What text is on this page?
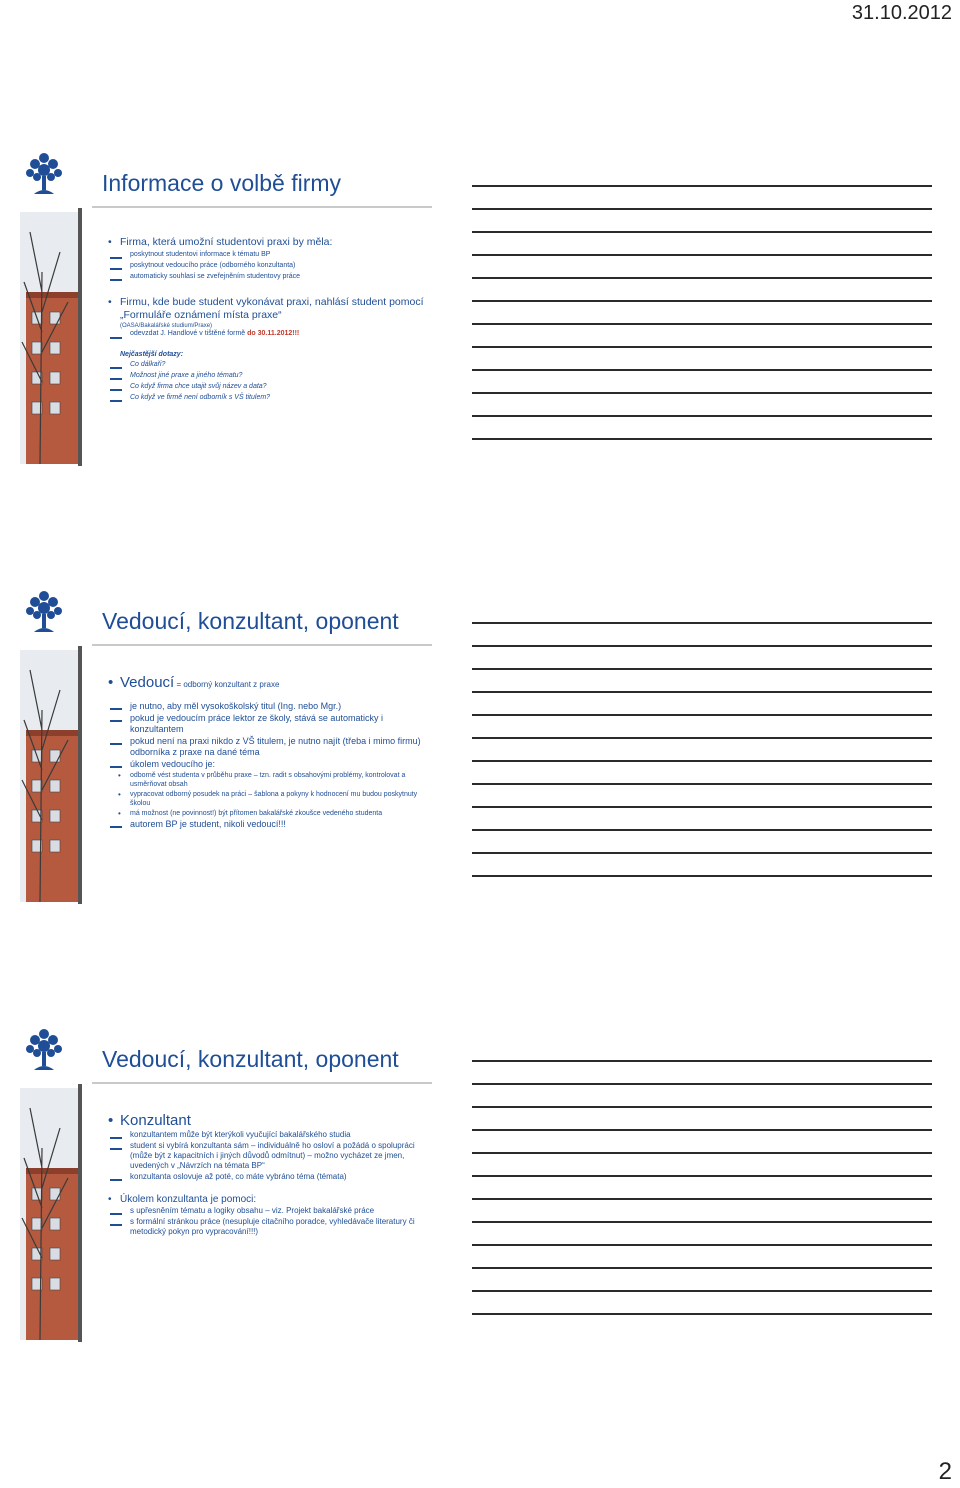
31.10.2012
Informace o volbě firmy
• Firma, která umožní studentovi praxi by měla:
poskytnout studentovi informace k tématu BP
poskytnout vedoucího práce (odborného konzultanta)
automaticky souhlasí se zveřejněním studentovy práce
• Firmu, kde bude student vykonávat praxi, nahlásí student pomocí „Formuláře oznámení místa praxe“
(OASA/Bakalářské studium/Praxe)
odevzdat J. Handlové v tištěné formě do 30.11.2012!!!
Nejčastější dotazy:
Co dálkaři?
Možnost jiné praxe a jiného tématu?
Co když firma chce utajit svůj název a data?
Co když ve firmě není odborník s VŠ titulem?
Vedoucí, konzultant, oponent
• Vedoucí = odborný konzultant z praxe
je nutno, aby měl vysokoškolský titul (Ing. nebo Mgr.)
pokud je vedoucím práce lektor ze školy, stává se automaticky i konzultantem
pokud není na praxi nikdo z VŠ titulem, je nutno najít (třeba i mimo firmu) odborníka z praxe na dané téma
úkolem vedoucího je:
• odborně vést studenta v průběhu praxe – tzn. radit s obsahovými problémy, kontrolovat a usměrňovat obsah
• vypracovat odborný posudek na práci – šablona a pokyny k hodnocení mu budou poskytnuty školou
• má možnost (ne povinnost!) být přítomen bakalářské zkoušce vedeného studenta
autorem BP je student, nikoli vedoucí!!!
Vedoucí, konzultant, oponent
• Konzultant
konzultantem může být kterýkoli vyučující bakalářského studia
student si vybírá konzultanta sám – individuálně ho osloví a požádá o spolupráci (může být z kapacitních i jiných důvodů odmítnut) – možno vycházet ze jmen, uvedených v „Návrzích na témata BP“
konzultanta oslovuje až poté, co máte vybráno téma (témata)
• Úkolem konzultanta je pomoci:
s upřesněním tématu a logiky obsahu – viz. Projekt bakalářské práce
s formální stránkou práce (nesupluje citačního poradce, vyhledávače literatury či metodický pokyn pro vypracování!!!)
2
